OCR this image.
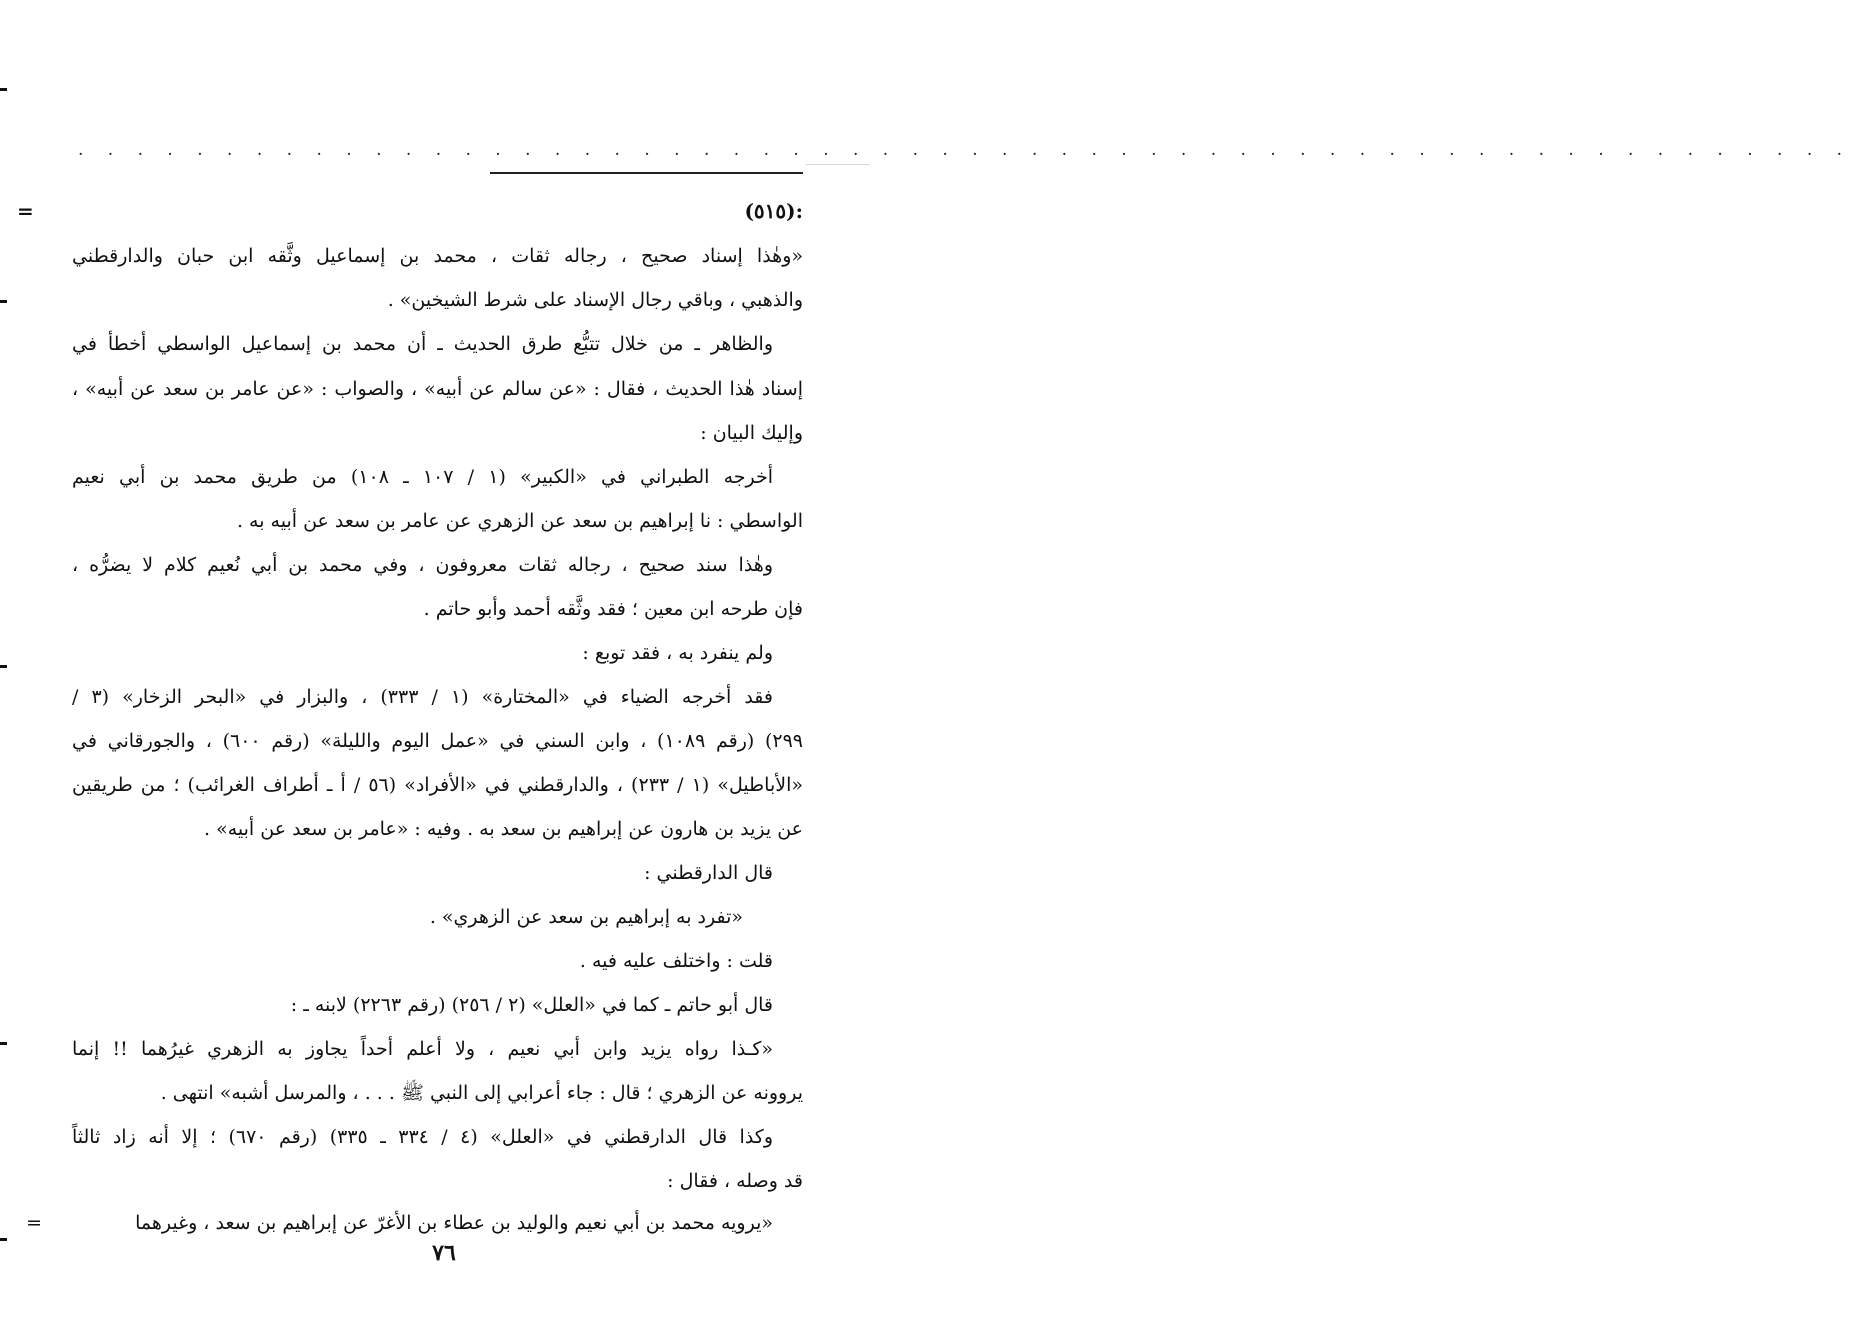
. . . . . . . . . . . . . . . . . . . . . . . . . . . . . . . . . . . . . . . . . . . . . . . . . . . . . . . . . . . .
:(٥١٥)
=
«وهٰذا إسناد صحيح ، رجاله ثقات ، محمد بن إسماعيل وثَّقه ابن حبان والدارقطني
والذهبي ، وباقي رجال الإسناد على شرط الشيخين» .
والظاهر ـ من خلال تتبُّع طرق الحديث ـ أن محمد بن إسماعيل الواسطي أخطأ في
إسناد هٰذا الحديث ، فقال : «عن سالم عن أبيه» ، والصواب : «عن عامر بن سعد عن أبيه» ،
وإليك البيان :
أخرجه الطبراني في «الكبير» (١ / ١٠٧ ـ ١٠٨) من طريق محمد بن أبي نعيم
الواسطي : نا إبراهيم بن سعد عن الزهري عن عامر بن سعد عن أبيه به .
وهٰذا سند صحيح ، رجاله ثقات معروفون ، وفي محمد بن أبي نُعيم كلام لا يضرُّه ،
فإن طرحه ابن معين ؛ فقد وثَّقه أحمد وأبو حاتم .
ولم ينفرد به ، فقد توبع :
فقد أخرجه الضياء في «المختارة» (١ / ٣٣٣) ، والبزار في «البحر الزخار» (٣ /
٢٩٩) (رقم ١٠٨٩) ، وابن السني في «عمل اليوم والليلة» (رقم ٦٠٠) ، والجورقاني في
«الأباطيل» (١ / ٢٣٣) ، والدارقطني في «الأفراد» (٥٦ / أ ـ أطراف الغرائب) ؛ من طريقين
عن يزيد بن هارون عن إبراهيم بن سعد به . وفيه : «عامر بن سعد عن أبيه» .
قال الدارقطني :
«تفرد به إبراهيم بن سعد عن الزهري» .
قلت : واختلف عليه فيه .
قال أبو حاتم ـ كما في «العلل» (٢ / ٢٥٦) (رقم ٢٢٦٣) لابنه ـ :
«كـذا رواه يزيد وابن أبي نعيم ، ولا أعلم أحداً يجاوز به الزهري غيرُهما !! إنما
يروونه عن الزهري ؛ قال : جاء أعرابي إلى النبي ﷺ . . . ، والمرسل أشبه» انتهى .
وكذا قال الدارقطني في «العلل» (٤ / ٣٣٤ ـ ٣٣٥) (رقم ٦٧٠) ؛ إلا أنه زاد ثالثاً
قد وصله ، فقال :
«يرويه محمد بن أبي نعيم والوليد بن عطاء بن الأغرّ عن إبراهيم بن سعد ، وغيرهما
=
٧٦
